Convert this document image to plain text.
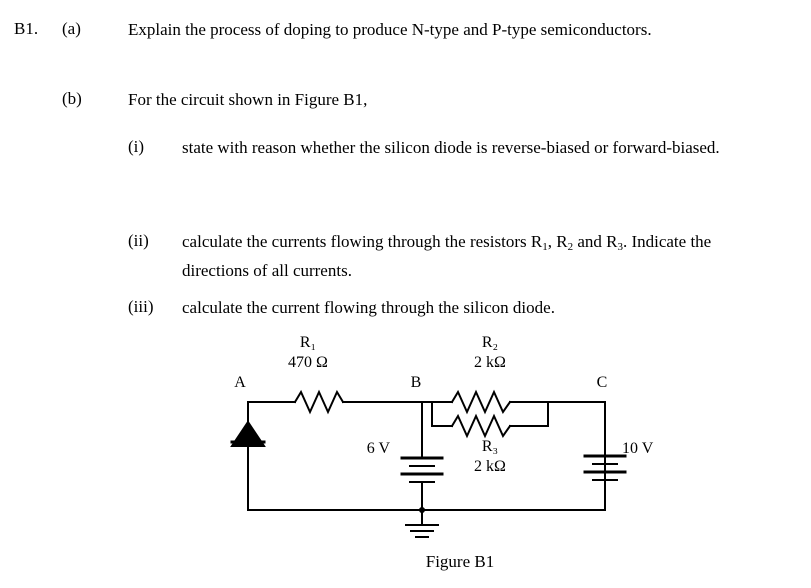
B1. (a)	Explain the process of doping to produce N-type and P-type semiconductors.
(b)	For the circuit shown in Figure B1,
(i) state with reason whether the silicon diode is reverse-biased or forward-biased.
(ii) calculate the currents flowing through the resistors $R_1$, $R_2$ and $R_3$. Indicate the directions of all currents.
(iii) calculate the current flowing through the silicon diode.
R₁
470 Ω
R₂
2 kΩ
R₃
2 kΩ
A	B	C
6 V	10 V
Figure B1
